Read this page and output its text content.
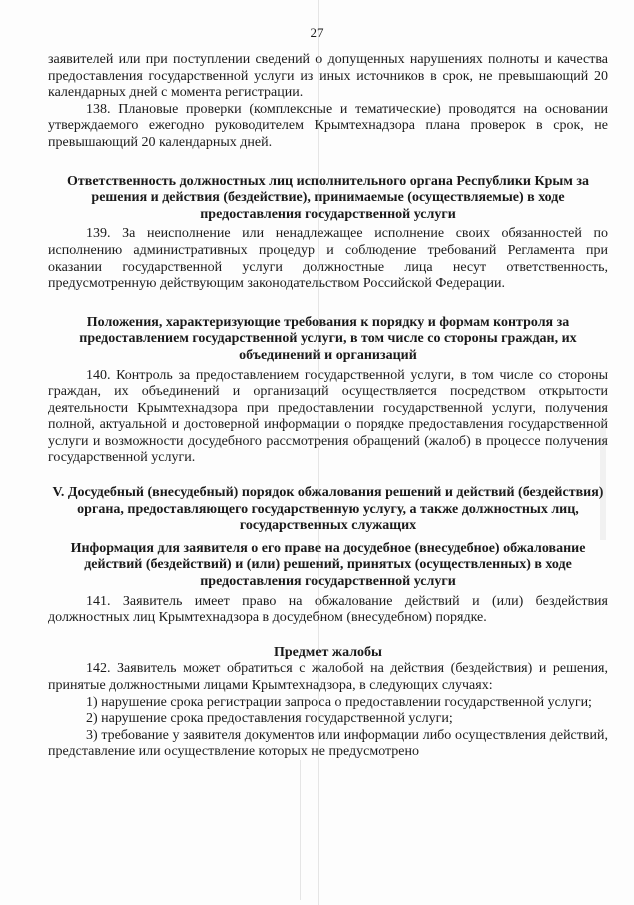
27

заявителей или при поступлении сведений о допущенных нарушениях полноты и качества предоставления государственной услуги из иных источников в срок, не превышающий 20 календарных дней с момента регистрации.

138. Плановые проверки (комплексные и тематические) проводятся на основании утверждаемого ежегодно руководителем Крымтехнадзора плана проверок в срок, не превышающий 20 календарных дней.

Ответственность должностных лиц исполнительного органа Республики Крым за решения и действия (бездействие), принимаемые (осуществляемые) в ходе предоставления государственной услуги

139. За неисполнение или ненадлежащее исполнение своих обязанностей по исполнению административных процедур и соблюдение требований Регламента при оказании государственной услуги должностные лица несут ответственность, предусмотренную действующим законодательством Российской Федерации.

Положения, характеризующие требования к порядку и формам контроля за предоставлением государственной услуги, в том числе со стороны граждан, их объединений и организаций

140. Контроль за предоставлением государственной услуги, в том числе со стороны граждан, их объединений и организаций осуществляется посредством открытости деятельности Крымтехнадзора при предоставлении государственной услуги, получения полной, актуальной и достоверной информации о порядке предоставления государственной услуги и возможности досудебного рассмотрения обращений (жалоб) в процессе получения государственной услуги.

V. Досудебный (внесудебный) порядок обжалования решений и действий (бездействия) органа, предоставляющего государственную услугу, а также должностных лиц, государственных служащих
Информация для заявителя о его праве на досудебное (внесудебное) обжалование действий (бездействий) и (или) решений, принятых (осуществленных) в ходе предоставления государственной услуги

141. Заявитель имеет право на обжалование действий и (или) бездействия должностных лиц Крымтехнадзора в досудебном (внесудебном) порядке.

Предмет жалобы

142. Заявитель может обратиться с жалобой на действия (бездействия) и решения, принятые должностными лицами Крымтехнадзора, в следующих случаях:

1) нарушение срока регистрации запроса о предоставлении государственной услуги;

2) нарушение срока предоставления государственной услуги;

3) требование у заявителя документов или информации либо осуществления действий, представление или осуществление которых не предусмотрено
